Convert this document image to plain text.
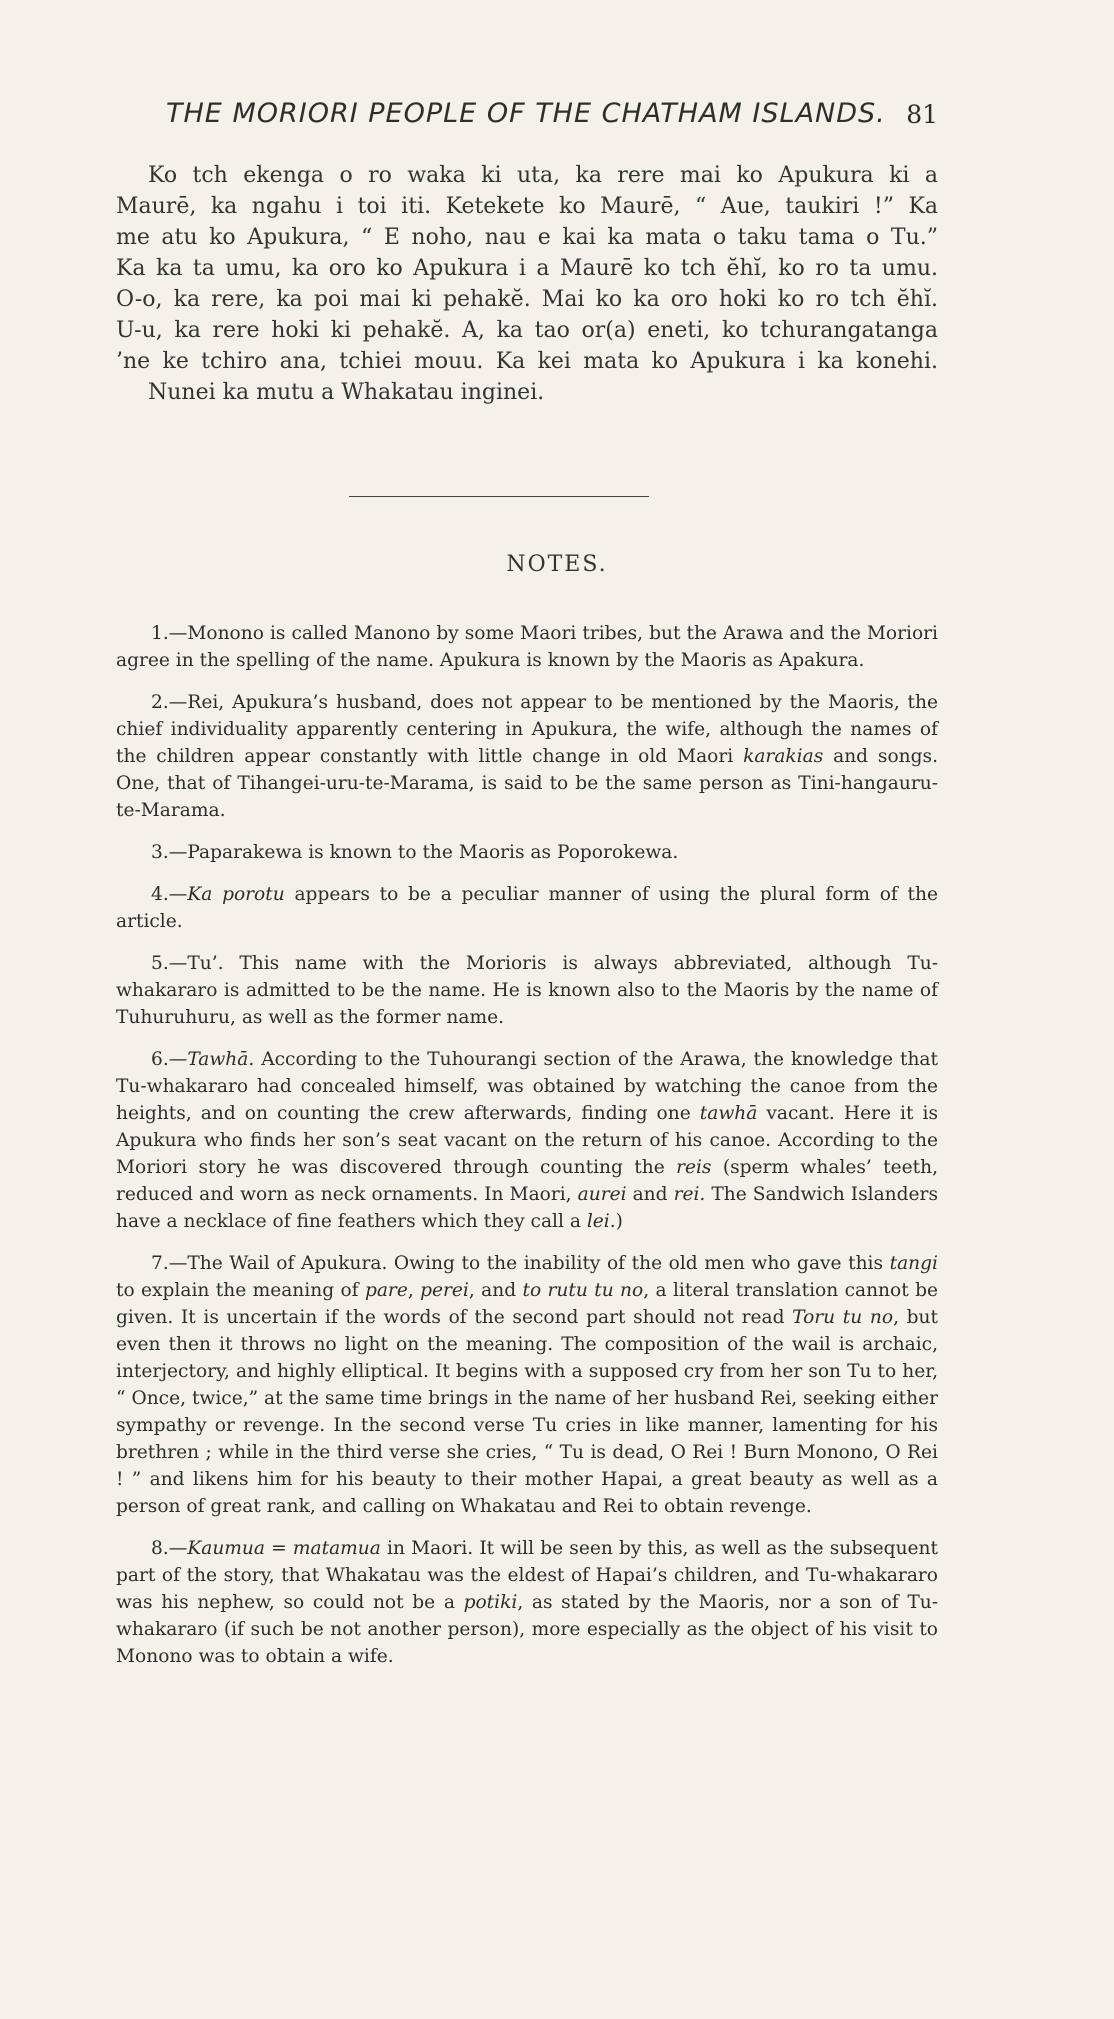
THE MORIORI PEOPLE OF THE CHATHAM ISLANDS. 81
Ko tch ekenga o ro waka ki uta, ka rere mai ko Apukura ki a
Maurē, ka ngahu i toi iti. Ketekete ko Maurē, “ Aue, taukiri !” Ka
me atu ko Apukura, “ E noho, nau e kai ka mata o taku tama o Tu.”
Ka ka ta umu, ka oro ko Apukura i a Maurē ko tch ĕhĭ, ko ro ta umu.
O-o, ka rere, ka poi mai ki pehakĕ. Mai ko ka oro hoki ko ro tch ĕhĭ.
U-u, ka rere hoki ki pehakĕ. A, ka tao or(a) eneti, ko tchurangatanga
’ne ke tchiro ana, tchiei mouu. Ka kei mata ko Apukura i ka konehi.
Nunei ka mutu a Whakatau inginei.
NOTES.

1.—Monono is called Manono by some Maori tribes, but the Arawa and the Moriori agree in the spelling of the name. Apukura is known by the Maoris as Apakura.

2.—Rei, Apukura’s husband, does not appear to be mentioned by the Maoris, the chief individuality apparently centering in Apukura, the wife, although the names of the children appear constantly with little change in old Maori karakias and songs. One, that of Tihangei-uru-te-Marama, is said to be the same person as Tini-hangauru-te-Marama.

3.—Paparakewa is known to the Maoris as Poporokewa.

4.—Ka porotu appears to be a peculiar manner of using the plural form of the article.

5.—Tu’. This name with the Morioris is always abbreviated, although Tu-whakararo is admitted to be the name. He is known also to the Maoris by the name of Tuhuruhuru, as well as the former name.

6.—Tawhā. According to the Tuhourangi section of the Arawa, the knowledge that Tu-whakararo had concealed himself, was obtained by watching the canoe from the heights, and on counting the crew afterwards, finding one tawhā vacant. Here it is Apukura who finds her son’s seat vacant on the return of his canoe. According to the Moriori story he was discovered through counting the reis (sperm whales’ teeth, reduced and worn as neck ornaments. In Maori, aurei and rei. The Sandwich Islanders have a necklace of fine feathers which they call a lei.)

7.—The Wail of Apukura. Owing to the inability of the old men who gave this tangi to explain the meaning of pare, perei, and to rutu tu no, a literal translation cannot be given. It is uncertain if the words of the second part should not read Toru tu no, but even then it throws no light on the meaning. The composition of the wail is archaic, interjectory, and highly elliptical. It begins with a supposed cry from her son Tu to her, “ Once, twice,” at the same time brings in the name of her husband Rei, seeking either sympathy or revenge. In the second verse Tu cries in like manner, lamenting for his brethren ; while in the third verse she cries, “ Tu is dead, O Rei ! Burn Monono, O Rei ! ” and likens him for his beauty to their mother Hapai, a great beauty as well as a person of great rank, and calling on Whakatau and Rei to obtain revenge.

8.—Kaumua = matamua in Maori. It will be seen by this, as well as the subsequent part of the story, that Whakatau was the eldest of Hapai’s children, and Tu-whakararo was his nephew, so could not be a potiki, as stated by the Maoris, nor a son of Tu-whakararo (if such be not another person), more especially as the object of his visit to Monono was to obtain a wife.
